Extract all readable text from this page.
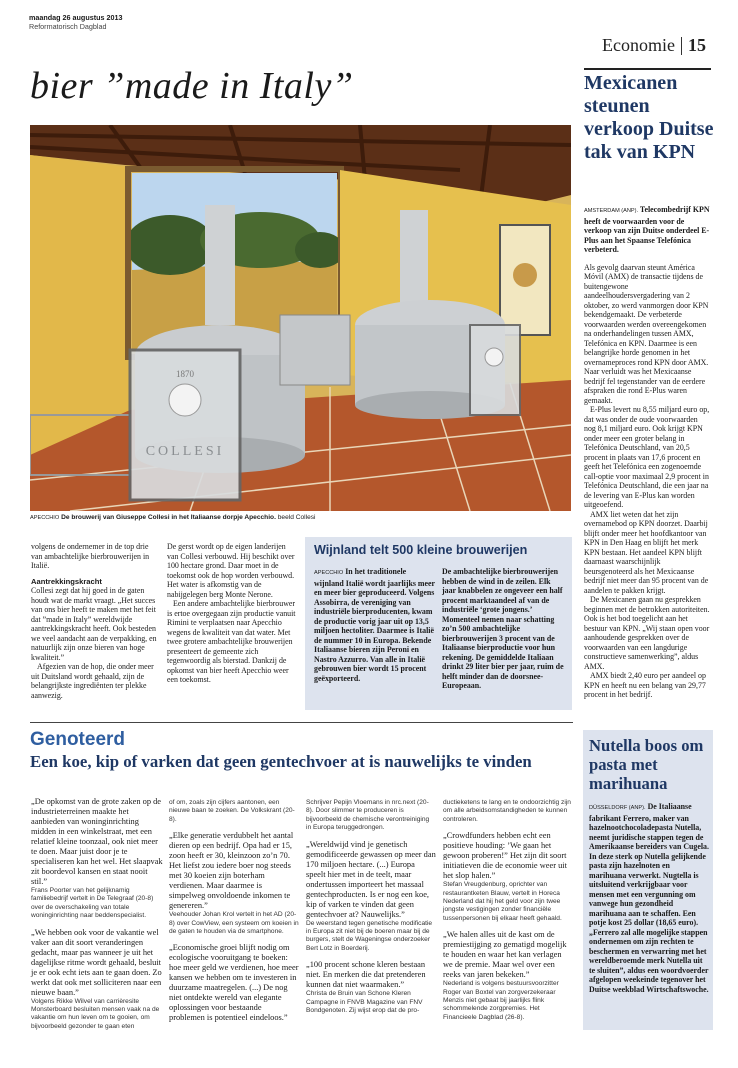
maandag 26 augustus 2013
Reformatorisch Dagblad
Economie 15
bier ”made in Italy”
1870
COLLESI
APECCHIO De brouwerij van Giuseppe Collesi in het Italiaanse dorpje Apecchio. beeld Collesi

volgens de ondernemer in de top drie van ambachtelijke bierbrouwerijen in Italië.

Aantrekkingskracht

Collesi zegt dat hij goed in de gaten houdt wat de markt vraagt. „Het succes van ons bier heeft te maken met het feit dat ”made in Italy” wereldwijde aantrekkingskracht heeft. Ook besteden we veel aandacht aan de verpakking, en natuurlijk zijn onze bieren van hoge kwaliteit.”

Afgezien van de hop, die onder meer uit Duitsland wordt gehaald, zijn de belangrijkste ingrediënten ter plekke aanwezig.

De gerst wordt op de eigen landerijen van Collesi verbouwd. Hij beschikt over 100 hectare grond. Daar moet in de toekomst ook de hop worden verbouwd. Het water is afkomstig van de nabijgelegen berg Monte Nerone.

Een andere ambachtelijke bierbrouwer is ertoe overgegaan zijn productie vanuit Rimini te verplaatsen naar Apecchio wegens de kwaliteit van dat water. Met twee grotere ambachtelijke brouwerijen presenteert de gemeente zich tegenwoordig als bierstad. Dankzij de opkomst van bier heeft Apecchio weer een toekomst.

Wijnland telt 500 kleine brouwerijen
APECCHIO In het traditionele wijnland Italië wordt jaarlijks meer en meer bier geproduceerd. Volgens Assobirra, de vereniging van industriële bierproducenten, kwam de productie vorig jaar uit op 13,5 miljoen hectoliter. Daarmee is Italië de nummer 10 in Europa. Bekende Italiaanse bieren zijn Peroni en Nastro Azzurro. Van alle in Italië gebrouwen bier wordt 15 procent geëxporteerd.
De ambachtelijke bierbrouwerijen hebben de wind in de zeilen. Elk jaar knabbelen ze ongeveer een half procent marktaandeel af van de industriële ‘grote jongens.’ Momenteel nemen naar schatting zo’n 500 ambachtelijke bierbrouwerijen 3 procent van de Italiaanse bierproductie voor hun rekening. De gemiddelde Italiaan drinkt 29 liter bier per jaar, ruim de helft minder dan de doorsnee-Europeaan.
Mexicanen steunen verkoop Duitse tak van KPN

AMSTERDAM (ANP). Telecombedrijf KPN heeft de voorwaarden voor de verkoop van zijn Duitse onderdeel E-Plus aan het Spaanse Telefónica verbeterd.

Als gevolg daarvan steunt América Móvil (AMX) de transactie tijdens de buitengewone aandeelhoudersvergadering van 2 oktober, zo werd vanmorgen door KPN bekendgemaakt. De verbeterde voorwaarden werden overeengekomen na onderhandelingen tussen AMX, Telefónica en KPN. Daarmee is een belangrijke horde genomen in het overnameproces rond KPN door AMX. Naar verluidt was het Mexicaanse bedrijf fel tegenstander van de eerdere afspraken die rond E-Plus waren gemaakt.

E-Plus levert nu 8,55 miljard euro op, dat was onder de oude voorwaarden nog 8,1 miljard euro. Ook krijgt KPN onder meer een groter belang in Telefónica Deutschland, van 20,5 procent in plaats van 17,6 procent en geeft het Telefónica een zogenoemde call-optie voor maximaal 2,9 procent in Telefónica Deutschland, die een jaar na de levering van E-Plus kan worden uitgeoefend.

AMX liet weten dat het zijn overnamebod op KPN doorzet. Daarbij blijft onder meer het hoofdkantoor van KPN in Den Haag en blijft het merk KPN bestaan. Het aandeel KPN blijft daarnaast waarschijnlijk beursgenoteerd als het Mexicaanse bedrijf niet meer dan 95 procent van de aandelen te pakken krijgt.

De Mexicanen gaan nu gesprekken beginnen met de betrokken autoriteiten. Ook is het bod toegelicht aan het bestuur van KPN. „Wij staan open voor aanhoudende gesprekken over de voorwaarden van een langdurige constructieve samenwerking”, aldus AMX.

AMX biedt 2,40 euro per aandeel op KPN en heeft nu een belang van 29,77 procent in het bedrijf.

Genoteerd
Een koe, kip of varken dat geen gentechvoer at is nauwelijks te vinden
„De opkomst van de grote zaken op de industrieterreinen maakte het aanbieden van woninginrichting midden in een winkelstraat, met een relatief kleine toonzaal, ook niet meer te doen. Maar juist door je te specialiseren kan het wel. Het slaapvak zit boordevol kansen en staat nooit stil.”
Frans Poorter van het gelijknamig familiebedrijf vertelt in De Telegraaf (20-8) over de overschakeling van totale woninginrichting naar beddenspecialist.
„We hebben ook voor de vakantie wel vaker aan dit soort veranderingen gedacht, maar pas wanneer je uit het dagelijkse ritme wordt gehaald, besluit je er ook echt iets aan te gaan doen. Zo werkt dat ook met solliciteren naar een nieuwe baan.”
Volgens Rikke Wilvel van carrièresite Monsterboard besluiten mensen vaak na de vakantie om hun leven om te gooien, om bijvoorbeeld gezonder te gaan eten
of om, zoals zijn cijfers aantonen, een nieuwe baan te zoeken. De Volkskrant (20-8).
„Elke generatie verdubbelt het aantal dieren op een bedrijf. Opa had er 15, zoon heeft er 30, kleinzoon zo’n 70. Het liefst zou iedere boer nog steeds met 30 koeien zijn boterham verdienen. Maar daarmee is simpelweg onvoldoende inkomen te genereren.”
Veehouder Johan Krol vertelt in het AD (20-8) over CowView, een systeem om koeien in de gaten te houden via de smartphone.
„Economische groei blijft nodig om ecologische vooruitgang te boeken: hoe meer geld we verdienen, hoe meer kansen we hebben om te investeren in duurzame maatregelen. (...) De nog niet ontdekte wereld van elegante oplossingen voor bestaande problemen is potentieel eindeloos.”
Schrijver Pepijn Vloemans in nrc.next (20-8). Door slimmer te produceren is bijvoorbeeld de chemische verontreiniging in Europa teruggedrongen.
„Wereldwijd vind je genetisch gemodificeerde gewassen op meer dan 170 miljoen hectare. (...) Europa speelt hier met in de teelt, maar ondertussen importeert het massaal gentechproducten. Is er nog een koe, kip of varken te vinden dat geen gentechvoer at? Nauwelijks.”
De weerstand tegen genetische modificatie in Europa zit niet bij de boeren maar bij de burgers, stelt de Wageningse onderzoeker Bert Lotz in Boerderij.
„100 procent schone kleren bestaan niet. En merken die dat pretenderen kunnen dat niet waarmaken.”
Christa de Bruin van Schone Kleren Campagne in FNVB Magazine van FNV Bondgenoten. Zij wijst erop dat de pro-
ductieketens te lang en te ondoorzichtig zijn om alle arbeidsomstandigheden te kunnen controleren.
„Crowdfunders hebben echt een positieve houding: ’We gaan het gewoon proberen!” Het zijn dit soort initiatieven die de economie weer uit het slop halen.”
Stefan Vreugdenburg, oprichter van restaurantketen Blauw, vertelt in Horeca Nederland dat hij het geld voor zijn twee jongste vestigingen zonder financiële tussenpersonen bij elkaar heeft gehaald.
„We halen alles uit de kast om de premiestijging zo gematigd mogelijk te houden en waar het kan verlagen we de premie. Maar wel over een reeks van jaren bekeken.”
Nederland is volgens bestuursvoorzitter Roger van Boxtel van zorgverzekeraar Menzis niet gebaat bij jaarlijks flink schommelende zorgpremies. Het Financieele Dagblad (26-8).
Nutella boos om pasta met marihuana
DÜSSELDORF (ANP). De Italiaanse fabrikant Ferrero, maker van hazelnootchocoladepasta Nutella, neemt juridische stappen tegen de Amerikaanse bereiders van Cugela. In deze sterk op Nutella gelijkende pasta zijn hazelnoten en marihuana verwerkt. Nugtella is uitsluitend verkrijgbaar voor mensen met een vergunning om vanwege hun gezondheid marihuana aan te schaffen. Een potje kost 25 dollar (18,65 euro). „Ferrero zal alle mogelijke stappen ondernemen om zijn rechten te beschermen en verwarring met het wereldberoemde merk Nutella uit te sluiten”, aldus een woordvoerder afgelopen weekeinde tegenover het Duitse weekblad Wirtschaftswoche.
